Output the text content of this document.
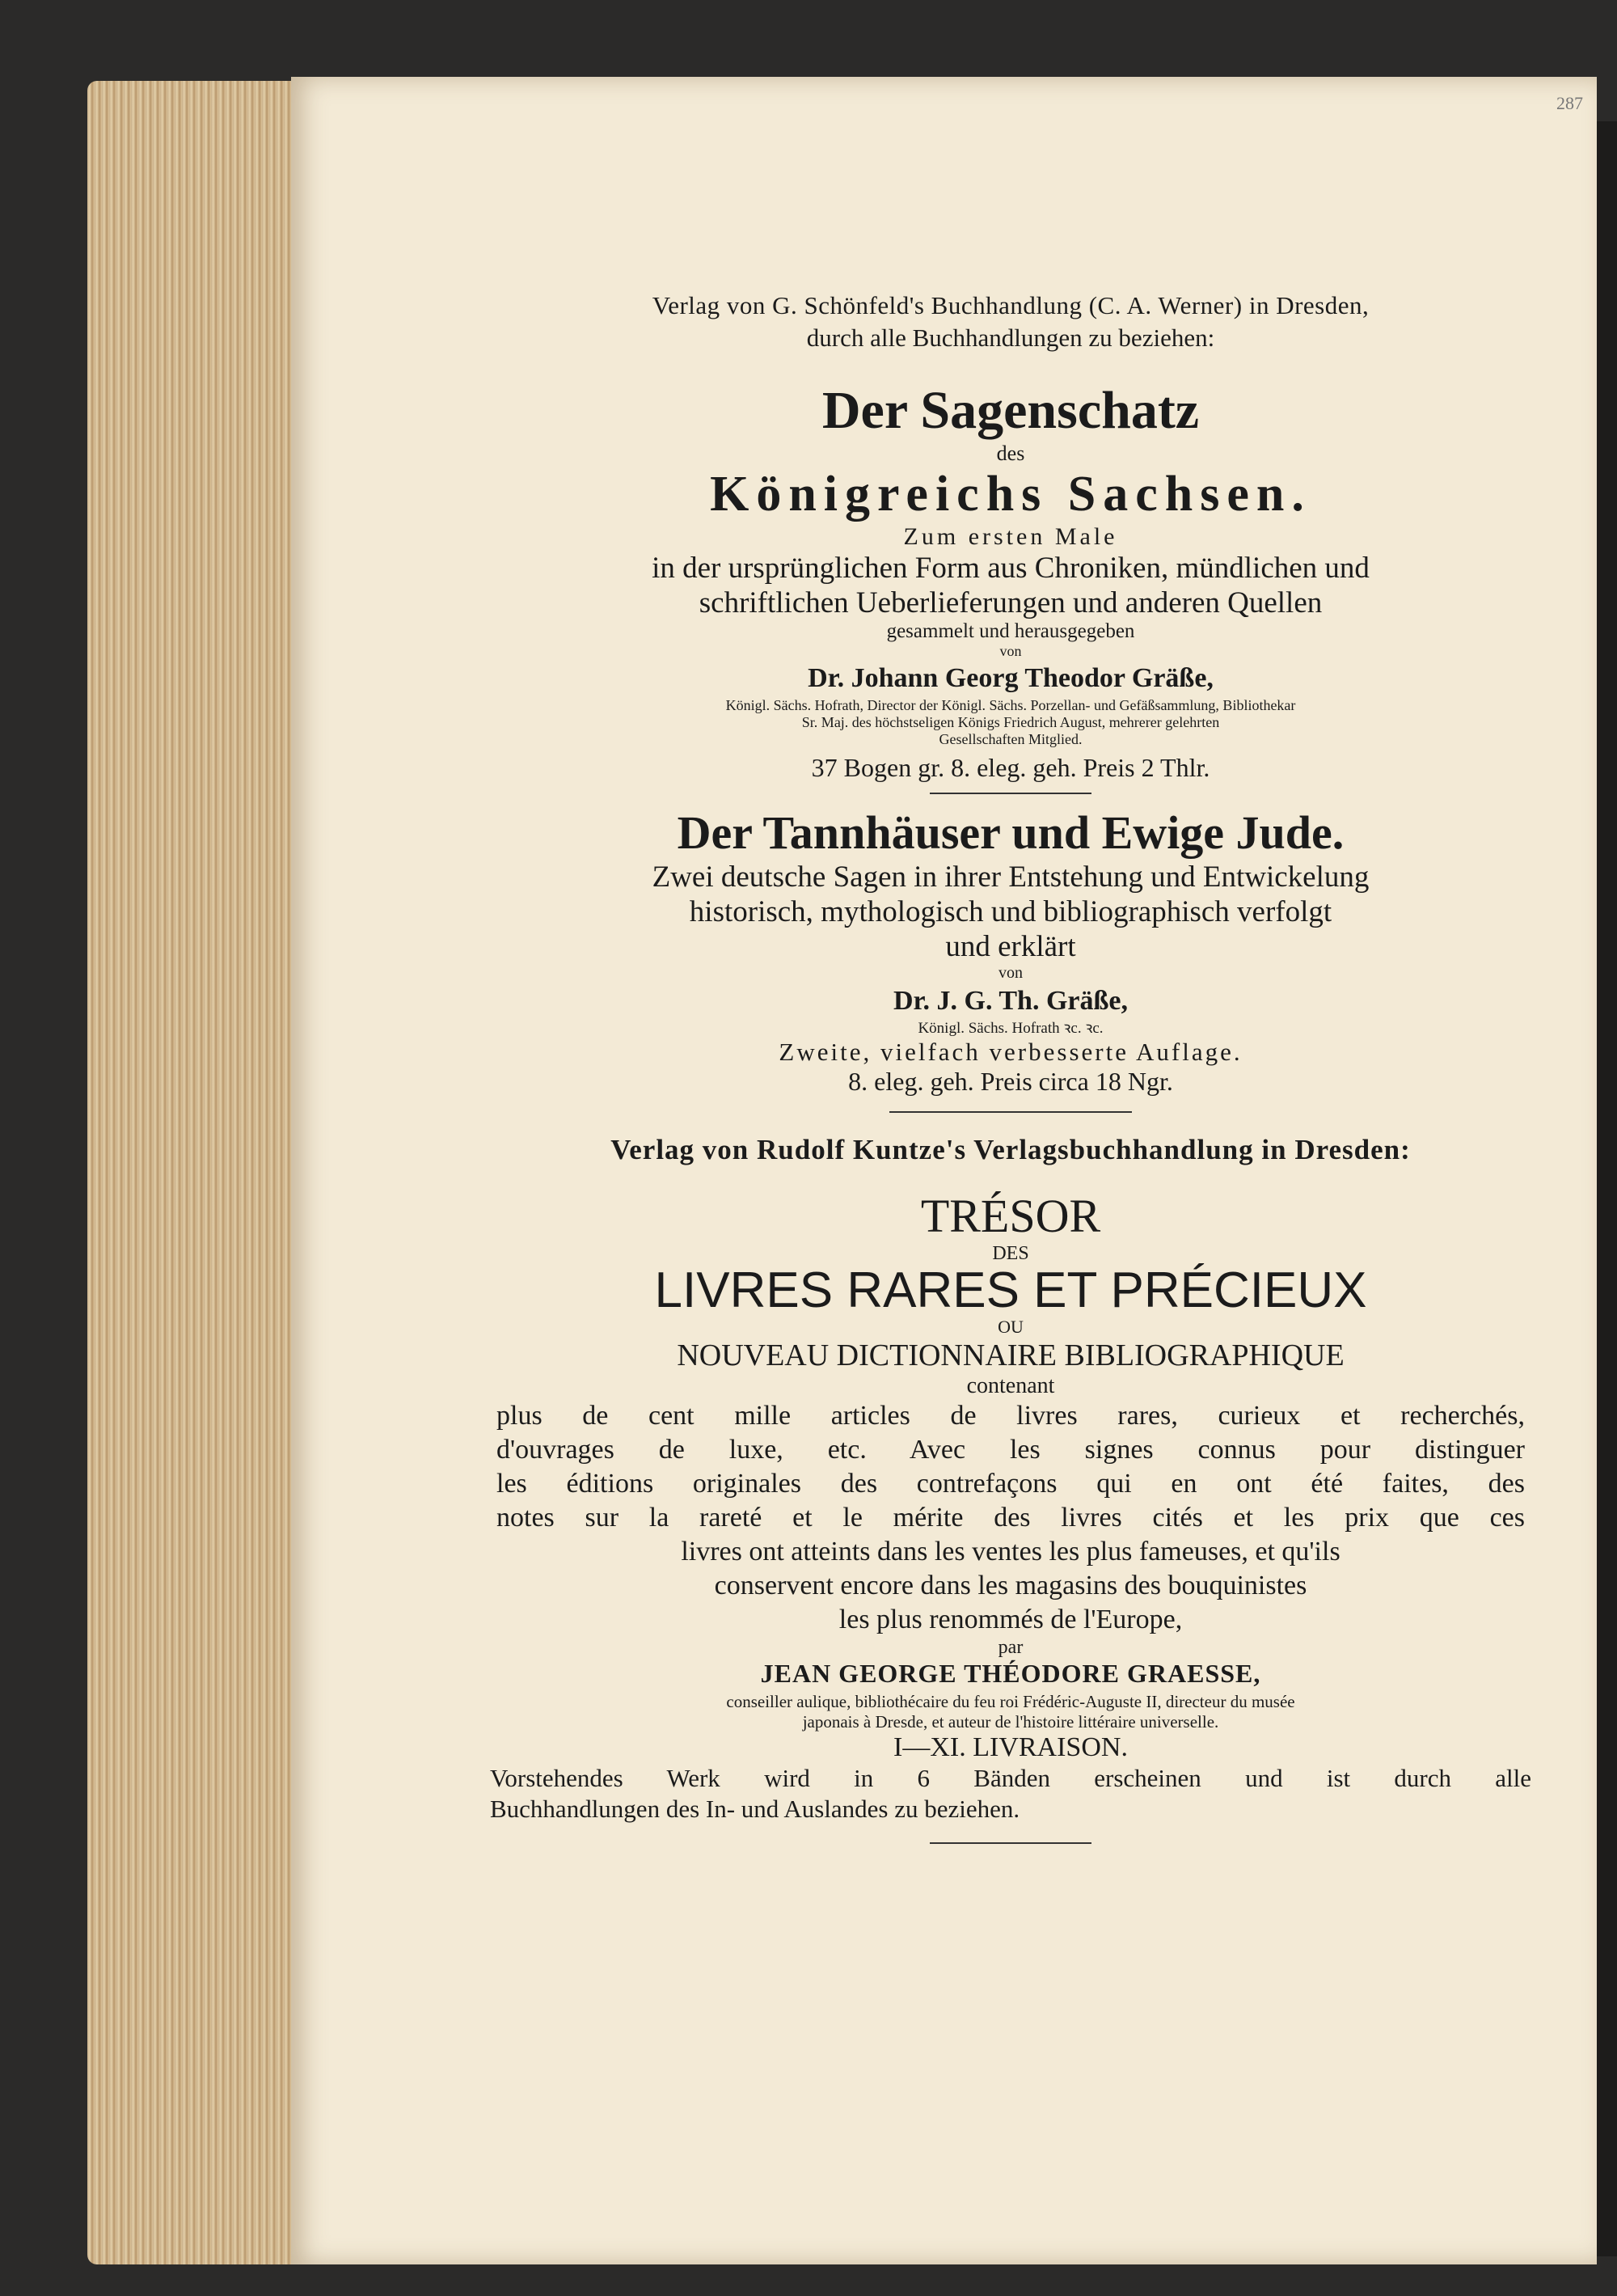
287
Verlag von G. Schönfeld's Buchhandlung (C. A. Werner) in Dresden,
durch alle Buchhandlungen zu beziehen:
Der Sagenschatz
des
Königreichs Sachsen.
Zum ersten Male
in der ursprünglichen Form aus Chroniken, mündlichen und
schriftlichen Ueberlieferungen und anderen Quellen
gesammelt und herausgegeben
von
Dr. Johann Georg Theodor Gräße,
Königl. Sächs. Hofrath, Director der Königl. Sächs. Porzellan- und Gefäßsammlung, Bibliothekar
Sr. Maj. des höchstseligen Königs Friedrich August, mehrerer gelehrten
Gesellschaften Mitglied.
37 Bogen gr. 8. eleg. geh. Preis 2 Thlr.
Der Tannhäuser und Ewige Jude.
Zwei deutsche Sagen in ihrer Entstehung und Entwickelung
historisch, mythologisch und bibliographisch verfolgt
und erklärt
von
Dr. J. G. Th. Gräße,
Königl. Sächs. Hofrath ꝛc. ꝛc.
Zweite, vielfach verbesserte Auflage.
8. eleg. geh. Preis circa 18 Ngr.
Verlag von Rudolf Kuntze's Verlagsbuchhandlung in Dresden:
TRÉSOR
DES
LIVRES RARES ET PRÉCIEUX
OU
NOUVEAU DICTIONNAIRE BIBLIOGRAPHIQUE
contenant
plus de cent mille articles de livres rares, curieux et recherchés,
d'ouvrages de luxe, etc. Avec les signes connus pour distinguer
les éditions originales des contrefaçons qui en ont été faites, des
notes sur la rareté et le mérite des livres cités et les prix que ces
livres ont atteints dans les ventes les plus fameuses, et qu'ils
conservent encore dans les magasins des bouquinistes
les plus renommés de l'Europe,
par
JEAN GEORGE THÉODORE GRAESSE,
conseiller aulique, bibliothécaire du feu roi Frédéric-Auguste II, directeur du musée
japonais à Dresde, et auteur de l'histoire littéraire universelle.
I—XI. LIVRAISON.
Vorstehendes Werk wird in 6 Bänden erscheinen und ist durch alle
Buchhandlungen des In- und Auslandes zu beziehen.
